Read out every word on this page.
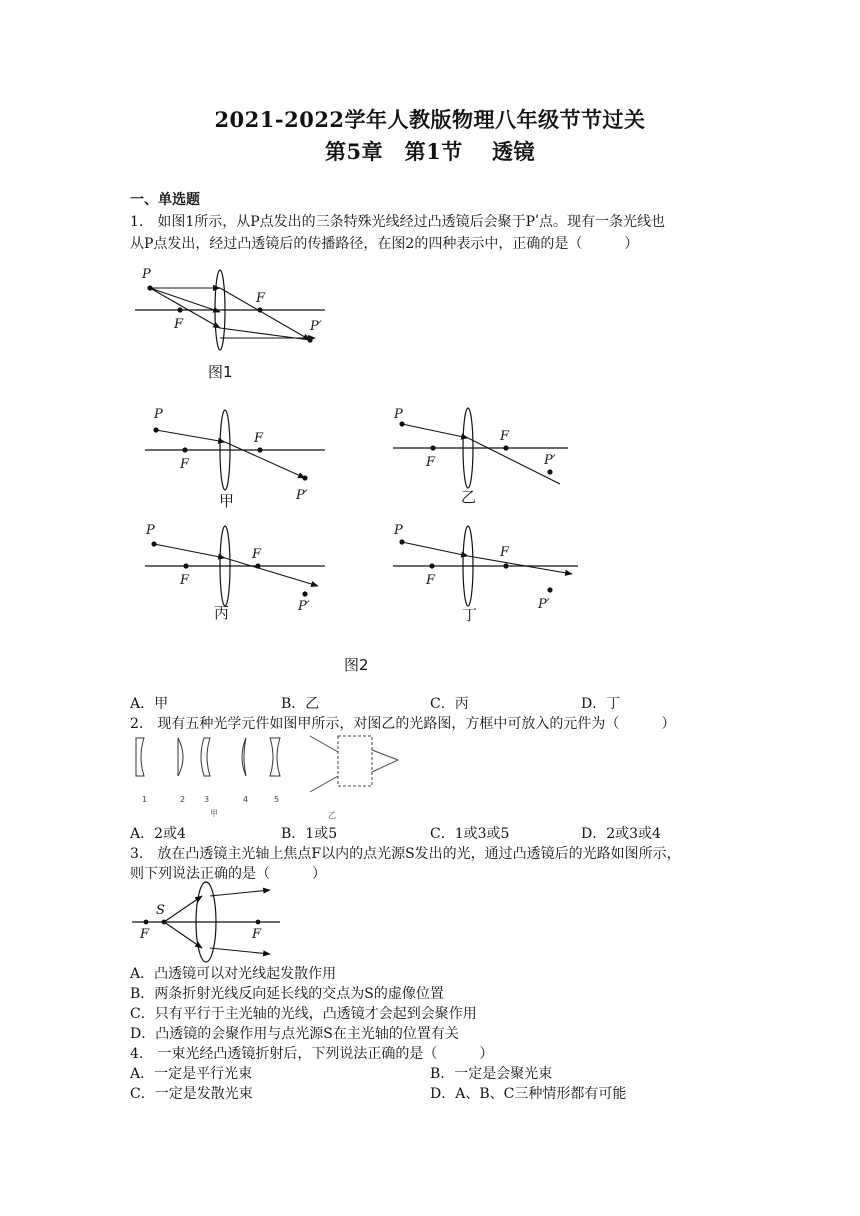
2021-2022学年人教版物理八年级节节过关
第5章　第1节　 透镜
一、单选题
1.　如图1所示，从P点发出的三条特殊光线经过凸透镜后会聚于Pʹ点。现有一条光线也
从P点发出，经过凸透镜后的传播路径，在图2的四种表示中，正确的是（　　　）
P
F
F
P′
图1
P
F
F
P′
甲
P
F
F
P′
乙
P
F
F
P′
丙
P
F
F
P′
丁
图2
A．甲	B．乙	C．丙	D．丁
2.　现有五种光学元件如图甲所示，对图乙的光路图，方框中可放入的元件为（　　　）
1	2 3	4	5
甲	乙
A．2或4	B．1或5	C．1或3或5	D．2或3或4
3.　放在凸透镜主光轴上焦点F以内的点光源S发出的光，通过凸透镜后的光路如图所示，
则下列说法正确的是（　　　）
S
F	F
A．凸透镜可以对光线起发散作用
B．两条折射光线反向延长线的交点为S的虚像位置
C．只有平行于主光轴的光线，凸透镜才会起到会聚作用
D．凸透镜的会聚作用与点光源S在主光轴的位置有关
4.　一束光经凸透镜折射后，下列说法正确的是（　　　）
A．一定是平行光束	B．一定是会聚光束
C．一定是发散光束	D．A、B、C三种情形都有可能
